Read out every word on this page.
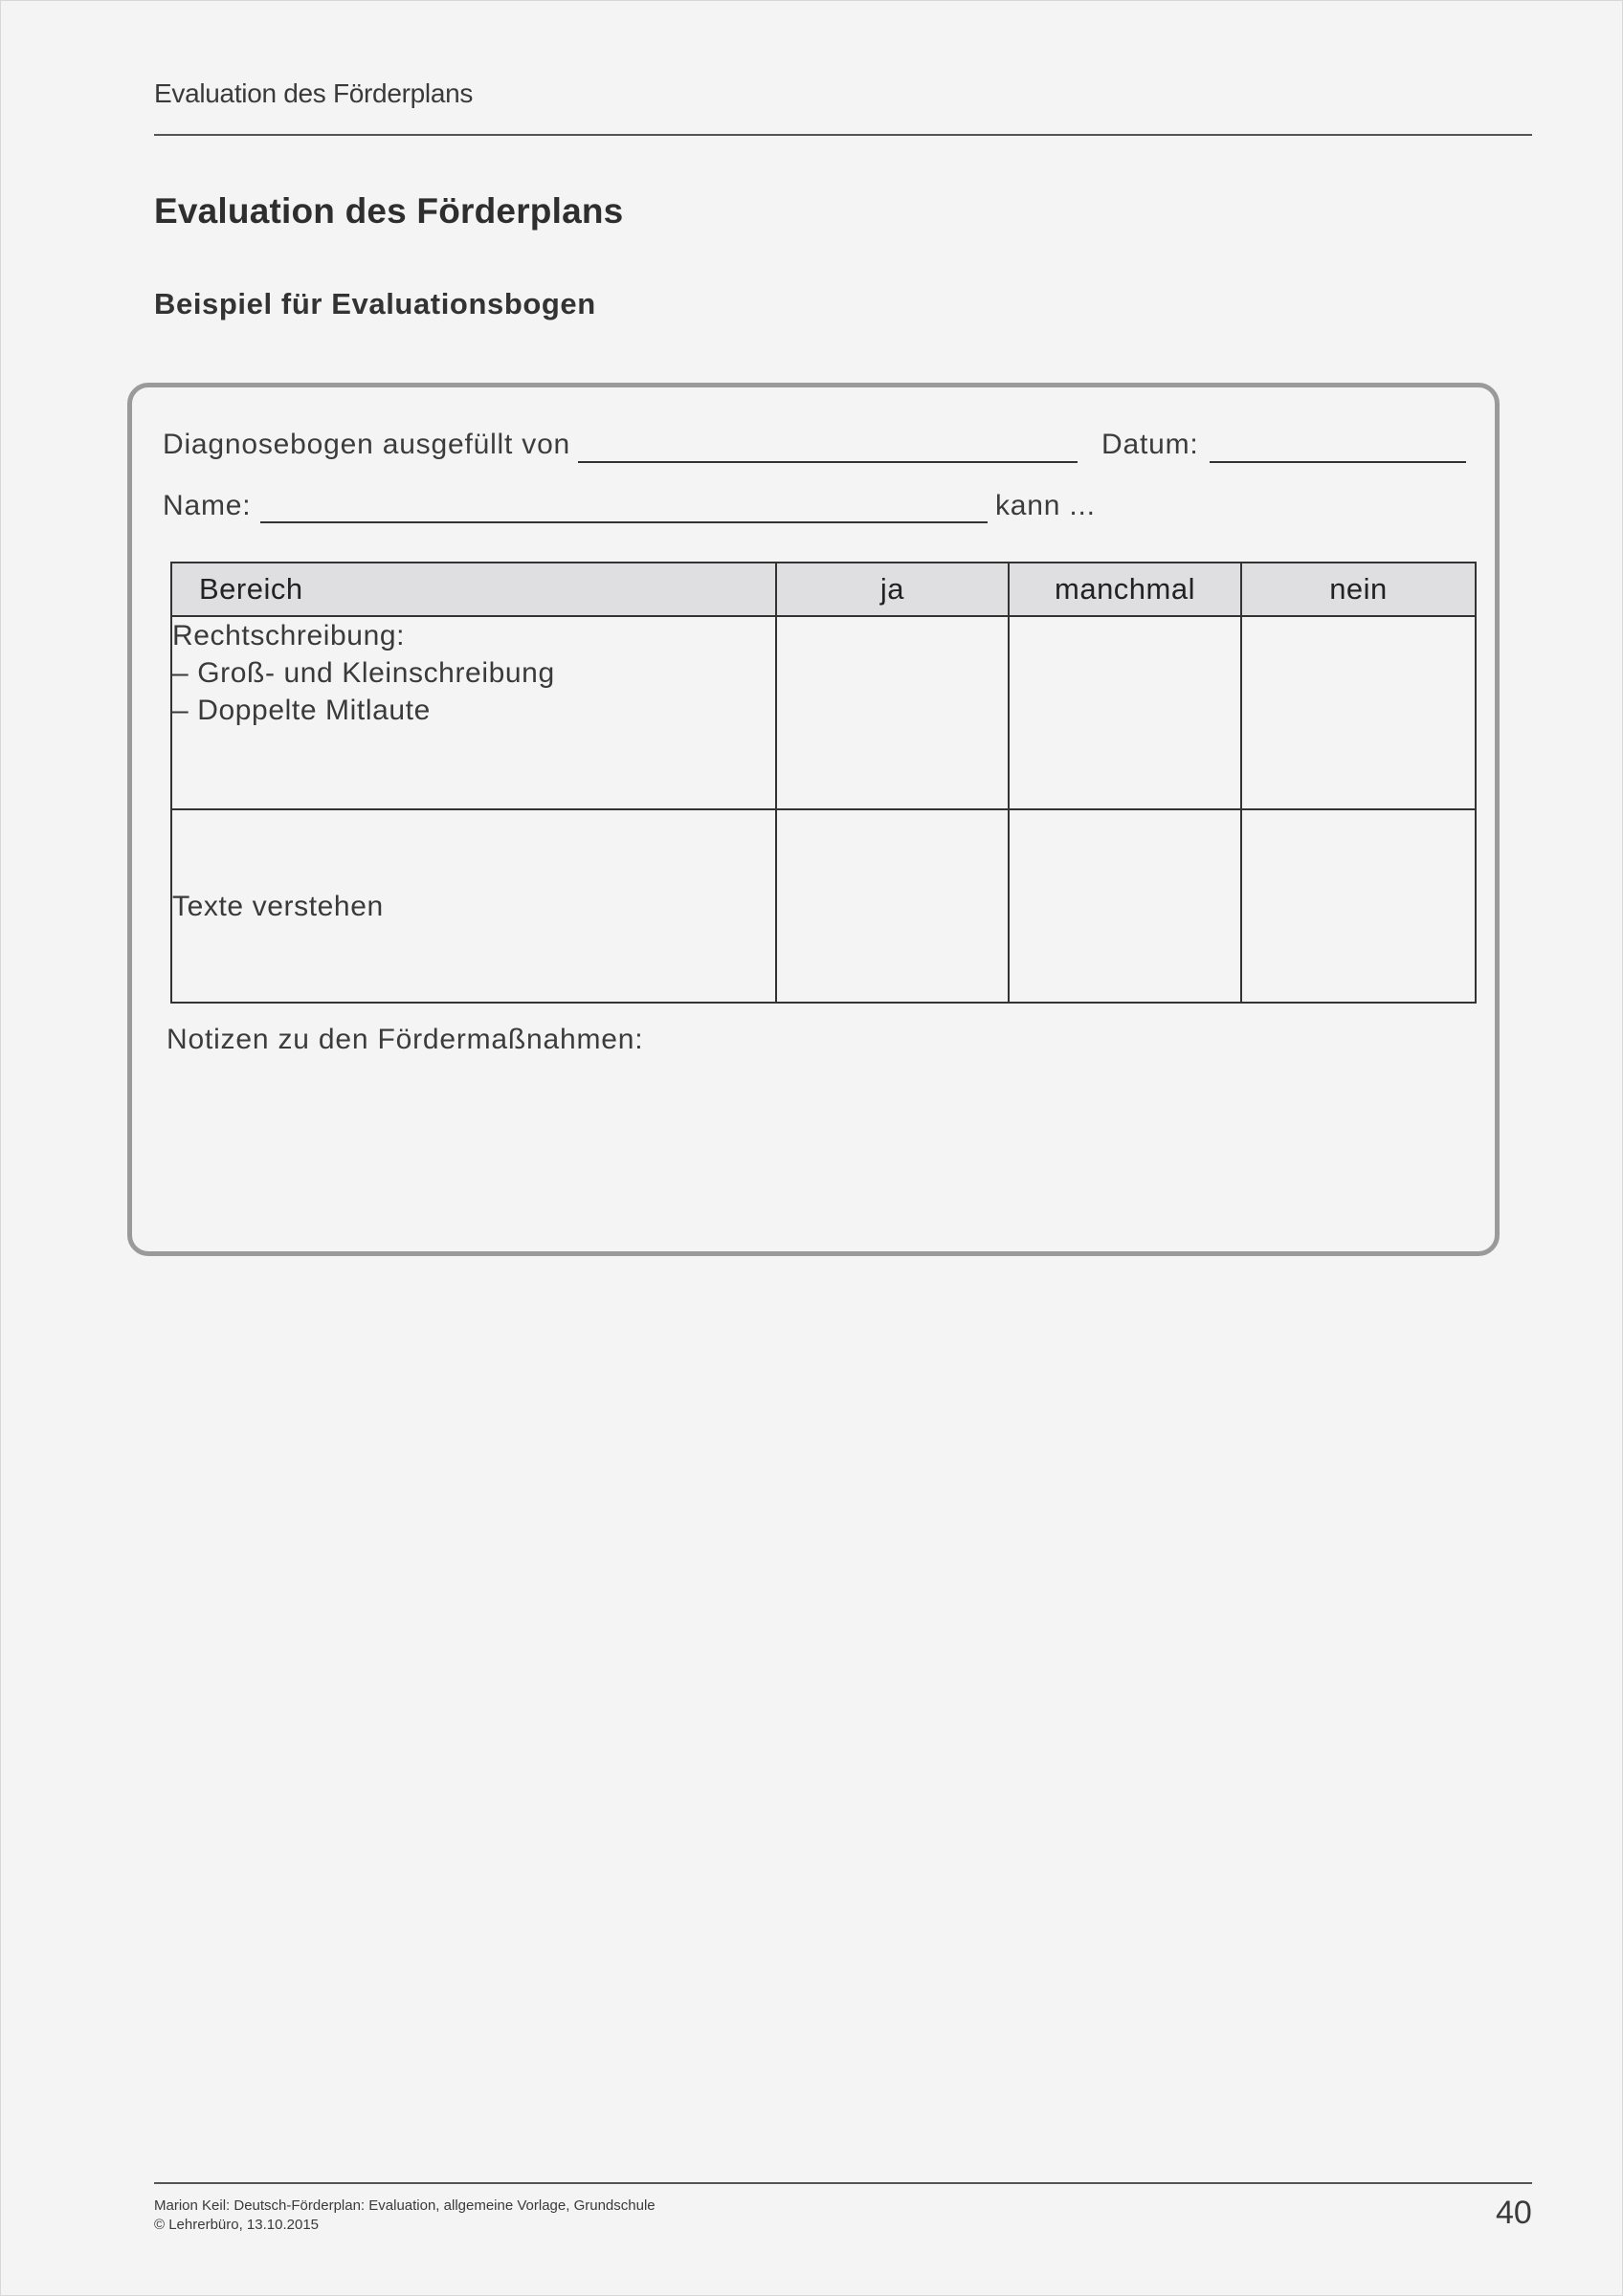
Evaluation des Förderplans
Evaluation des Förderplans
Beispiel für Evaluationsbogen
Diagnosebogen ausgefüllt von	Datum:
Name:	kann ...
Bereich	ja	manchmal	nein

Rechtschreibung:
– Groß- und Kleinschreibung
– Doppelte Mitlaute			

Texte verstehen			

Notizen zu den Fördermaßnahmen:
Marion Keil: Deutsch-Förderplan: Evaluation, allgemeine Vorlage, Grundschule
© Lehrerbüro, 13.10.2015	40
